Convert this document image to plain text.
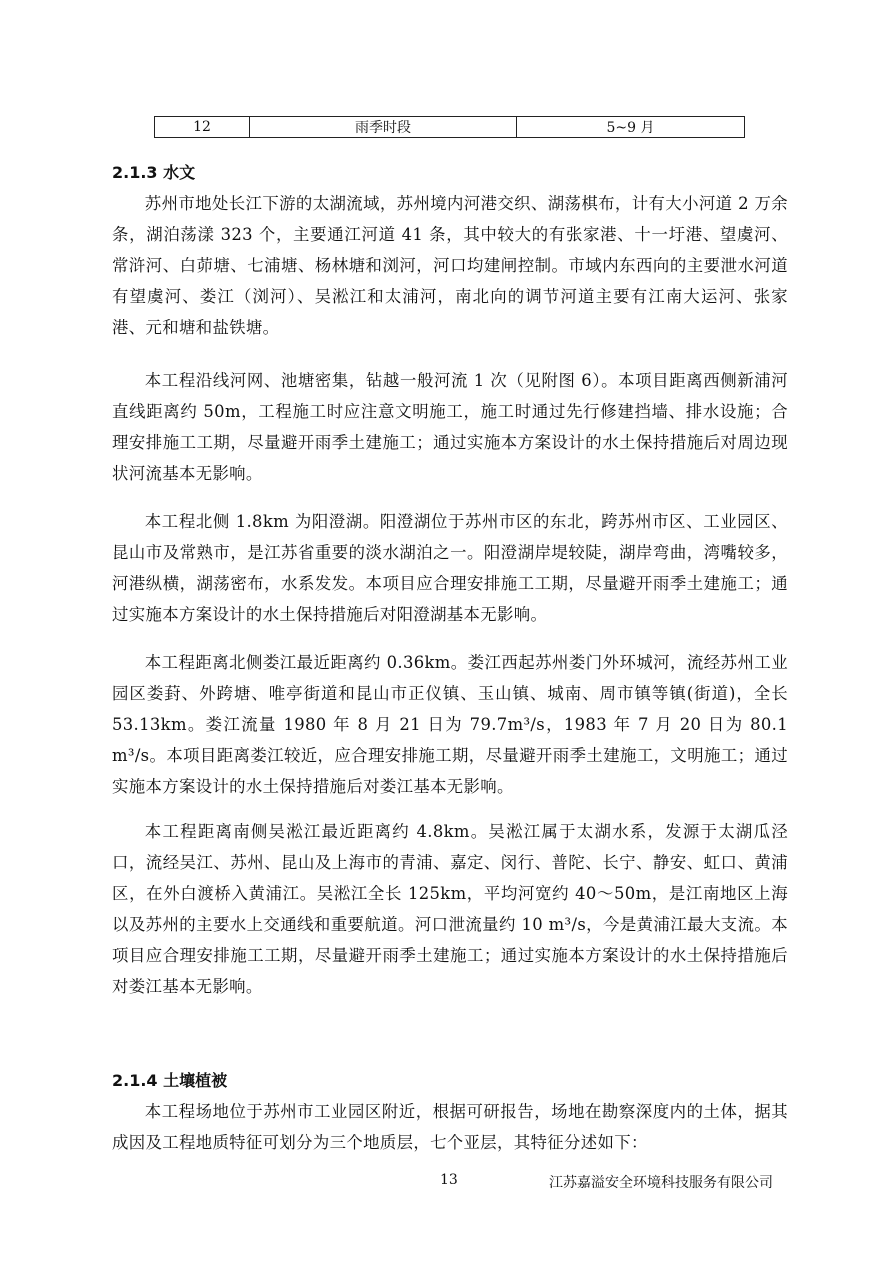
12	雨季时段	5~9 月
2.1.3 水文

苏州市地处长江下游的太湖流域，苏州境内河港交织、湖荡棋布，计有大小河道 2 万余条，湖泊荡漾 323 个，主要通江河道 41 条，其中较大的有张家港、十一圩港、望虞河、常浒河、白茆塘、七浦塘、杨林塘和浏河，河口均建闸控制。市域内东西向的主要泄水河道有望虞河、娄江（浏河）、吴淞江和太浦河，南北向的调节河道主要有江南大运河、张家港、元和塘和盐铁塘。

本工程沿线河网、池塘密集，钻越一般河流 1 次（见附图 6）。本项目距离西侧新浦河直线距离约 50m，工程施工时应注意文明施工，施工时通过先行修建挡墙、排水设施；合理安排施工工期，尽量避开雨季土建施工；通过实施本方案设计的水土保持措施后对周边现状河流基本无影响。

本工程北侧 1.8km 为阳澄湖。阳澄湖位于苏州市区的东北，跨苏州市区、工业园区、昆山市及常熟市，是江苏省重要的淡水湖泊之一。阳澄湖岸堤较陡，湖岸弯曲，湾嘴较多，河港纵横，湖荡密布，水系发发。本项目应合理安排施工工期，尽量避开雨季土建施工；通过实施本方案设计的水土保持措施后对阳澄湖基本无影响。

本工程距离北侧娄江最近距离约 0.36km。娄江西起苏州娄门外环城河，流经苏州工业园区娄葑、外跨塘、唯亭街道和昆山市正仪镇、玉山镇、城南、周市镇等镇(街道)，全长 53.13km。娄江流量 1980 年 8 月 21 日为 79.7m³/s，1983 年 7 月 20 日为 80.1 m³/s。本项目距离娄江较近，应合理安排施工期，尽量避开雨季土建施工，文明施工；通过实施本方案设计的水土保持措施后对娄江基本无影响。

本工程距离南侧吴淞江最近距离约 4.8km。吴淞江属于太湖水系，发源于太湖瓜泾口，流经吴江、苏州、昆山及上海市的青浦、嘉定、闵行、普陀、长宁、静安、虹口、黄浦区，在外白渡桥入黄浦江。吴淞江全长 125km，平均河宽约 40～50m，是江南地区上海以及苏州的主要水上交通线和重要航道。河口泄流量约 10 m³/s，今是黄浦江最大支流。本项目应合理安排施工工期，尽量避开雨季土建施工；通过实施本方案设计的水土保持措施后对娄江基本无影响。

2.1.4 土壤植被

本工程场地位于苏州市工业园区附近，根据可研报告，场地在勘察深度内的土体，据其成因及工程地质特征可划分为三个地质层，七个亚层，其特征分述如下：

13	江苏嘉溢安全环境科技服务有限公司
